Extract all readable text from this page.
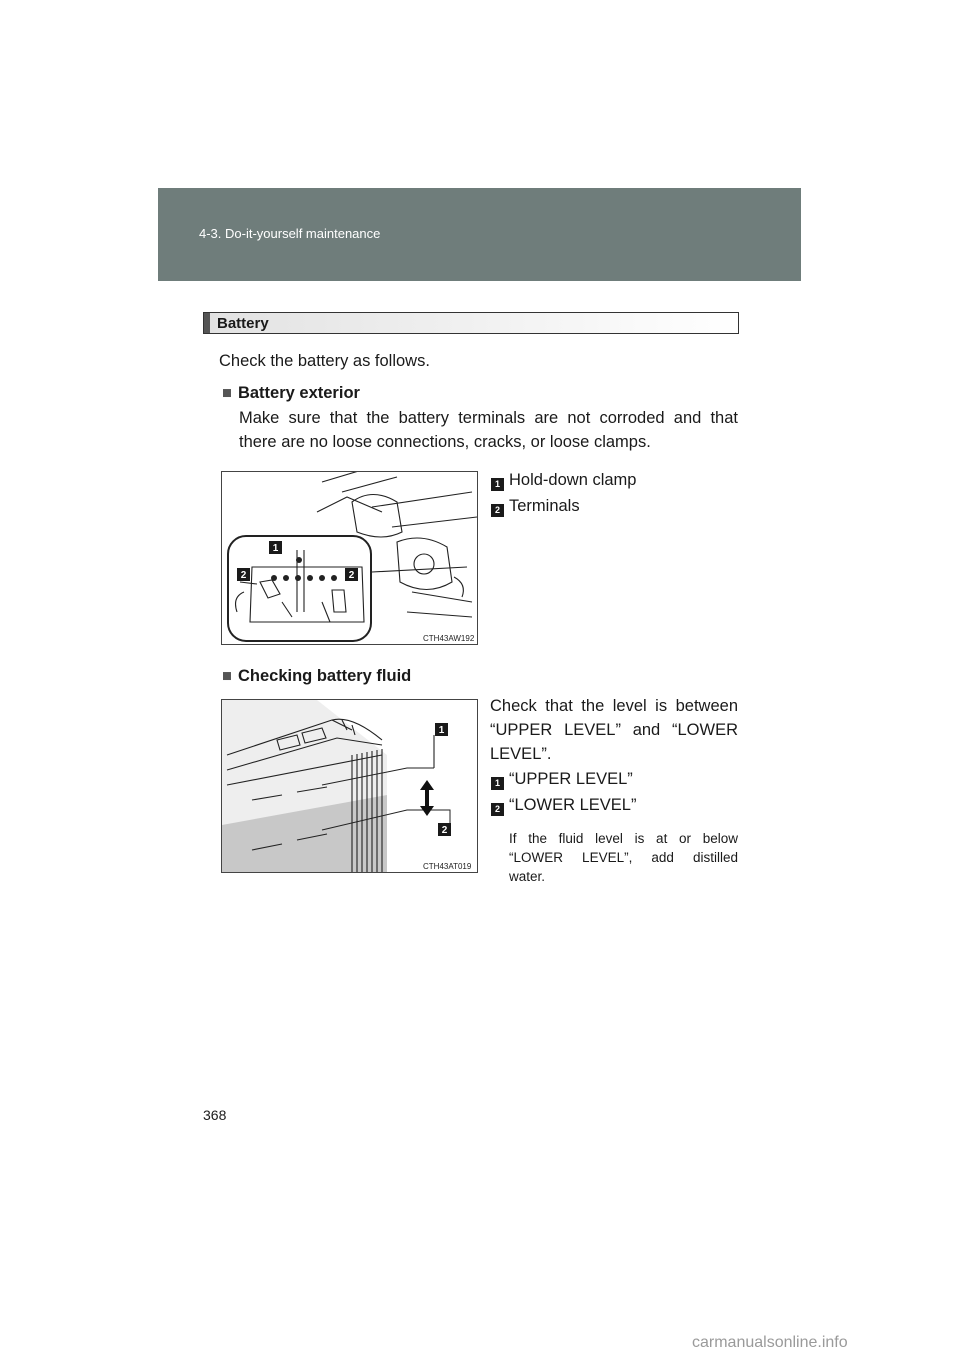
4-3. Do-it-yourself maintenance
Battery
Check the battery as follows.
■ Battery exterior
Make sure that the battery terminals are not corroded and that
there are no loose connections, cracks, or loose clamps.
1
2	2
CTH43AW192
1 Hold-down clamp
2 Terminals
■ Checking battery fluid
1
2
CTH43AT019
Check that the level is between
“UPPER LEVEL” and “LOWER
LEVEL”.
1 “UPPER LEVEL”
2 “LOWER LEVEL”
If the fluid level is at or below
“LOWER LEVEL”, add distilled
water.
368
carmanualsonline.info
